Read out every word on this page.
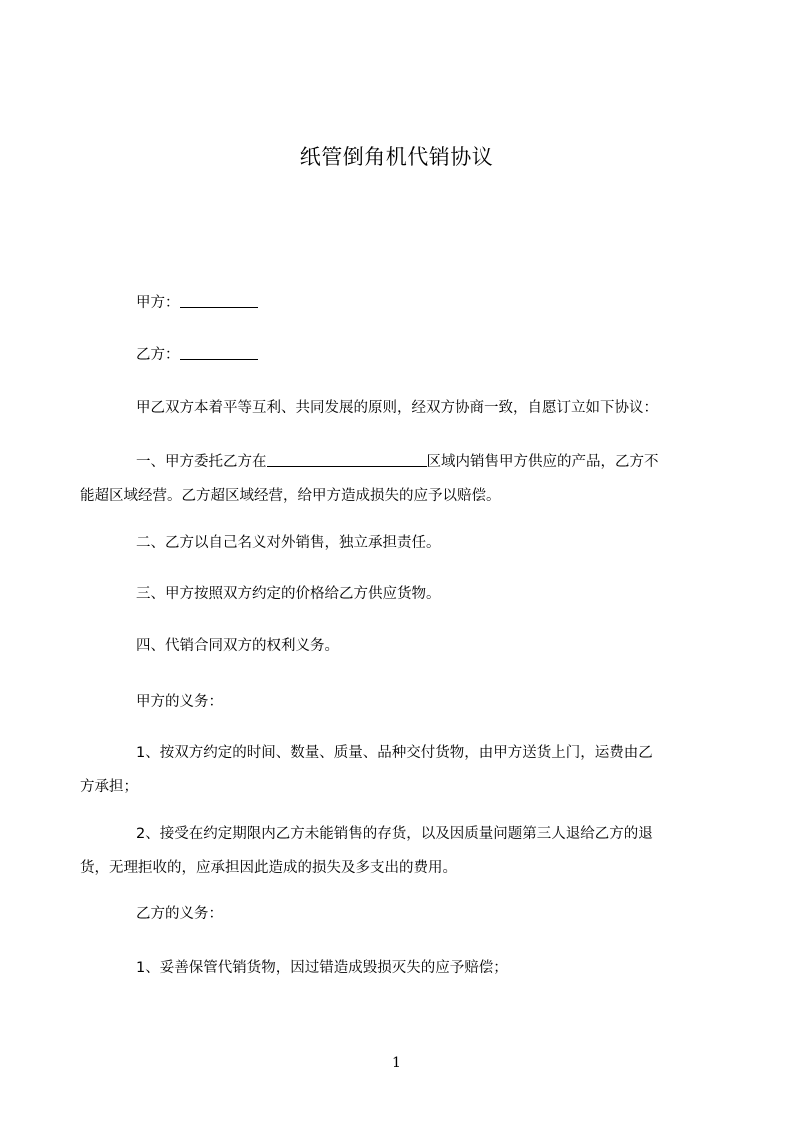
纸管倒角机代销协议
甲方：
乙方：
甲乙双方本着平等互利、共同发展的原则，经双方协商一致，自愿订立如下协议：
一、甲方委托乙方在	区域内销售甲方供应的产品，乙方不
能超区域经营。乙方超区域经营，给甲方造成损失的应予以赔偿。
二、乙方以自己名义对外销售，独立承担责任。
三、甲方按照双方约定的价格给乙方供应货物。
四、代销合同双方的权利义务。
甲方的义务：
1、按双方约定的时间、数量、质量、品种交付货物，由甲方送货上门，运费由乙
方承担；
2、接受在约定期限内乙方未能销售的存货，以及因质量问题第三人退给乙方的退
货，无理拒收的，应承担因此造成的损失及多支出的费用。
乙方的义务：
1、妥善保管代销货物，因过错造成毁损灭失的应予赔偿；
1
